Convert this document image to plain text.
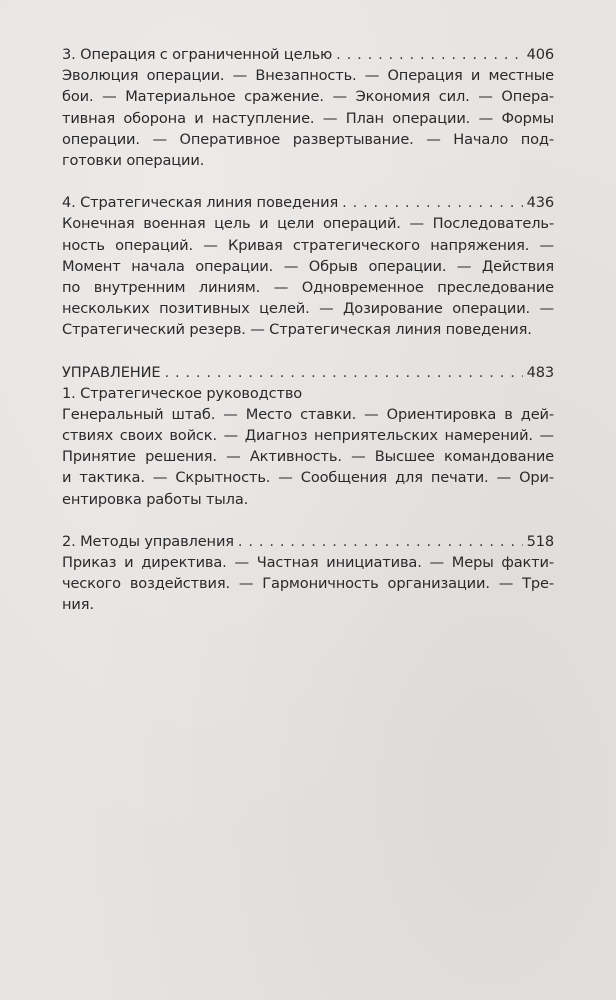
3. Операция с ограниченной целью . . .	406
Эволюция операции. — Внезапность. — Операция и местные
бои. — Материальное сражение. — Экономия сил. — Опера-
тивная оборона и наступление. — План операции. — Формы
операции. — Оперативное развертывание. — Начало под-
готовки операции.
4. Стратегическая линия поведения . . .	436
Конечная военная цель и цели операций. — Последователь-
ность операций. — Кривая стратегического напряжения. —
Момент начала операции. — Обрыв операции. — Действия
по внутренним линиям. — Одновременное преследование
нескольких позитивных целей. — Дозирование операции. —
Стратегический резерв. — Стратегическая линия поведения.
УПРАВЛЕНИЕ . . .	483
1. Стратегическое руководство
Генеральный штаб. — Место ставки. — Ориентировка в дей-
ствиях своих войск. — Диагноз неприятельских намерений. —
Принятие решения. — Активность. — Высшее командование
и тактика. — Скрытность. — Сообщения для печати. — Ори-
ентировка работы тыла.
2. Методы управления . . .	518
Приказ и директива. — Частная инициатива. — Меры факти-
ческого воздействия. — Гармоничность организации. — Тре-
ния.
